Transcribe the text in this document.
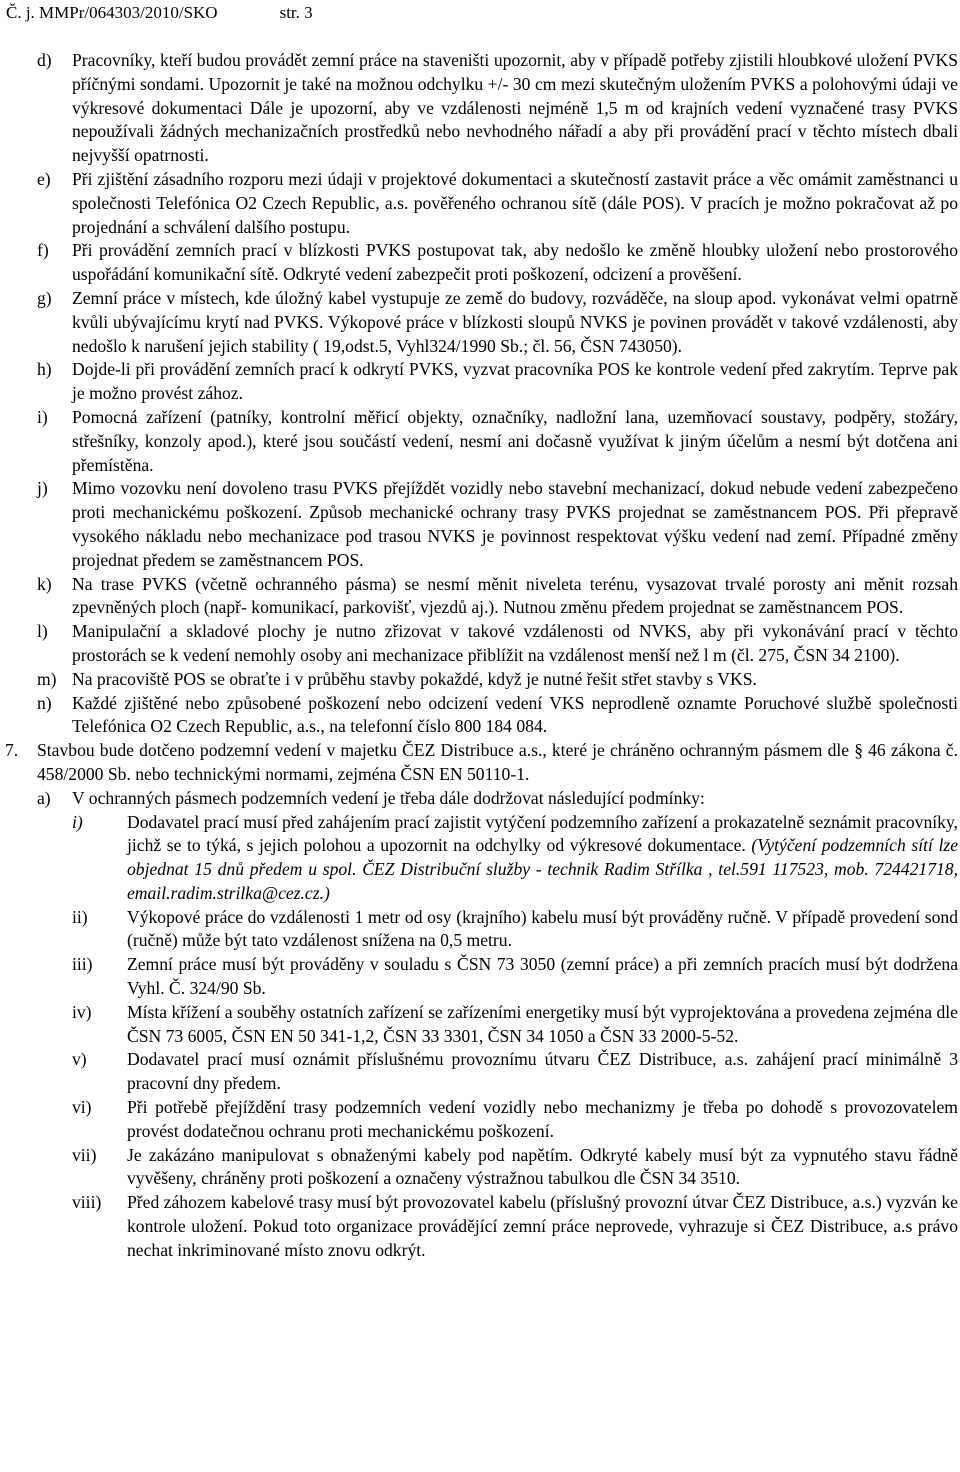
Č. j. MMPr/064303/2010/SKO	str. 3
d) Pracovníky, kteří budou provádět zemní práce na staveništi upozornit, aby v případě potřeby zjistili hloubkové uložení PVKS příčnými sondami. Upozornit je také na možnou odchylku +/- 30 cm mezi skutečným uložením PVKS a polohovými údaji ve výkresové dokumentaci Dále je upozorní, aby ve vzdálenosti nejméně 1,5 m od krajních vedení vyznačené trasy PVKS nepoužívali žádných mechanizačních prostředků nebo nevhodného nářadí a aby při provádění prací v těchto místech dbali nejvyšší opatrnosti.
e) Při zjištění zásadního rozporu mezi údaji v projektové dokumentaci a skutečností zastavit práce a věc omámit zaměstnanci u společnosti Telefónica O2 Czech Republic, a.s. pověřeného ochranou sítě (dále POS). V pracích je možno pokračovat až po projednání a schválení dalšího postupu.
f) Při provádění zemních prací v blízkosti PVKS postupovat tak, aby nedošlo ke změně hloubky uložení nebo prostorového uspořádání komunikační sítě. Odkryté vedení zabezpečit proti poškození, odcizení a prověšení.
g) Zemní práce v místech, kde úložný kabel vystupuje ze země do budovy, rozváděče, na sloup apod. vykonávat velmi opatrně kvůli ubývajícímu krytí nad PVKS. Výkopové práce v blízkosti sloupů NVKS je povinen provádět v takové vzdálenosti, aby nedošlo k narušení jejich stability ( 19,odst.5, Vyhl324/1990 Sb.; čl. 56, ČSN 743050).
h) Dojde-li při provádění zemních prací k odkrytí PVKS, vyzvat pracovníka POS ke kontrole vedení před zakrytím. Teprve pak je možno provést zához.
i) Pomocná zařízení (patníky, kontrolní měřicí objekty, označníky, nadložní lana, uzemňovací soustavy, podpěry, stožáry, střešníky, konzoly apod.), které jsou součástí vedení, nesmí ani dočasně využívat k jiným účelům a nesmí být dotčena ani přemístěna.
j) Mimo vozovku není dovoleno trasu PVKS přejíždět vozidly nebo stavební mechanizací, dokud nebude vedení zabezpečeno proti mechanickému poškození. Způsob mechanické ochrany trasy PVKS projednat se zaměstnancem POS. Při přepravě vysokého nákladu nebo mechanizace pod trasou NVKS je povinnost respektovat výšku vedení nad zemí. Případné změny projednat předem se zaměstnancem POS.
k) Na trase PVKS (včetně ochranného pásma) se nesmí měnit niveleta terénu, vysazovat trvalé porosty ani měnit rozsah zpevněných ploch (např- komunikací, parkovišť, vjezdů aj.). Nutnou změnu předem projednat se zaměstnancem POS.
l) Manipulační a skladové plochy je nutno zřizovat v takové vzdálenosti od NVKS, aby při vykonávání prací v těchto prostorách se k vedení nemohly osoby ani mechanizace přiblížit na vzdálenost menší než l m (čl. 275, ČSN 34 2100).
m) Na pracoviště POS se obraťte i v průběhu stavby pokaždé, když je nutné řešit střet stavby s VKS.
n) Každé zjištěné nebo způsobené poškození nebo odcizení vedení VKS neprodleně oznamte Poruchové službě společnosti Telefónica O2 Czech Republic, a.s., na telefonní číslo 800 184 084.
7. Stavbou bude dotčeno podzemní vedení v majetku ČEZ Distribuce a.s., které je chráněno ochranným pásmem dle § 46 zákona č. 458/2000 Sb. nebo technickými normami, zejména ČSN EN 50110-1.
a) V ochranných pásmech podzemních vedení je třeba dále dodržovat následující podmínky:
i)	Dodavatel prací musí před zahájením prací zajistit vytýčení podzemního zařízení a prokazatelně seznámit pracovníky, jichž se to týká, s jejich polohou a upozornit na odchylky od výkresové dokumentace. (Vytýčení podzemních sítí lze objednat 15 dnů předem u spol. ČEZ Distribuční služby - technik Radim Střílka , tel.591 117523, mob. 724421718, email.radim.strilka@cez.cz.)
ii) Výkopové práce do vzdálenosti 1 metr od osy (krajního) kabelu musí být prováděny ručně. V případě provedení sond (ručně) může být tato vzdálenost snížena na 0,5 metru.
iii) Zemní práce musí být prováděny v souladu s ČSN 73 3050 (zemní práce) a při zemních pracích musí být dodržena Vyhl. Č. 324/90 Sb.
iv) Místa křížení a souběhy ostatních zařízení se zařízeními energetiky musí být vyprojektována a provedena zejména dle ČSN 73 6005, ČSN EN 50 341-1,2, ČSN 33 3301, ČSN 34 1050 a ČSN 33 2000-5-52.
v) Dodavatel prací musí oznámit příslušnému provoznímu útvaru ČEZ Distribuce, a.s. zahájení prací minimálně 3 pracovní dny předem.
vi) Při potřebě přejíždění trasy podzemních vedení vozidly nebo mechanizmy je třeba po dohodě s provozovatelem provést dodatečnou ochranu proti mechanickému poškození.
vii) Je zakázáno manipulovat s obnaženými kabely pod napětím. Odkryté kabely musí být za vypnutého stavu řádně vyvěšeny, chráněny proti poškození a označeny výstražnou tabulkou dle ČSN 34 3510.
viii) Před záhozem kabelové trasy musí být provozovatel kabelu (příslušný provozní útvar ČEZ Distribuce, a.s.) vyzván ke kontrole uložení. Pokud toto organizace provádějící zemní práce neprovede, vyhrazuje si ČEZ Distribuce, a.s právo nechat inkriminované místo znovu odkrýt.
